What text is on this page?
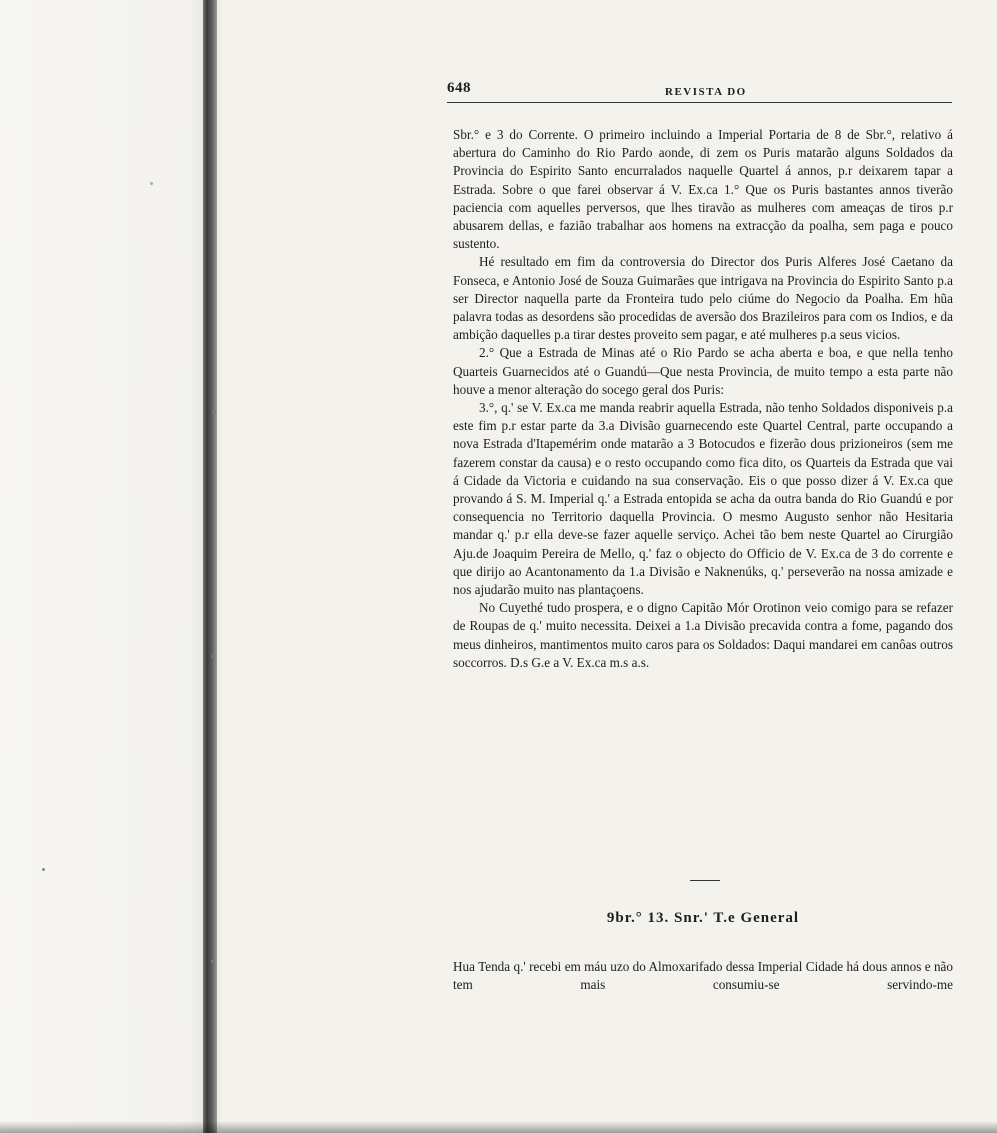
648	REVISTA DO

Sbr.° e 3 do Corrente. O primeiro incluindo a Imperial Portaria de 8 de Sbr.°, relativo á abertura do Caminho do Rio Pardo aonde, di zem os Puris matarão alguns Soldados da Provincia do Espirito Santo encurralados naquelle Quartel á annos, p.r deixarem tapar a Estrada. Sobre o que farei observar á V. Ex.ca 1.° Que os Puris bastantes annos tiverão paciencia com aquelles perversos, que lhes tiravão as mulheres com ameaças de tiros p.r abusarem dellas, e fazião trabalhar aos homens na extracção da poalha, sem paga e pouco sustento.

Hé resultado em fim da controversia do Director dos Puris Alferes José Caetano da Fonseca, e Antonio José de Souza Guimarães que intrigava na Provincia do Espirito Santo p.a ser Director naquella parte da Fronteira tudo pelo ciúme do Negocio da Poalha. Em hũa palavra todas as desordens são procedidas de aversão dos Brazileiros para com os Indios, e da ambição daquelles p.a tirar destes proveito sem pagar, e até mulheres p.a seus vicios.

2.° Que a Estrada de Minas até o Rio Pardo se acha aberta e boa, e que nella tenho Quarteis Guarnecidos até o Guandú—Que nesta Provincia, de muito tempo a esta parte não houve a menor alteração do socego geral dos Puris:

3.°, q.' se V. Ex.ca me manda reabrir aquella Estrada, não tenho Soldados disponiveis p.a este fim p.r estar parte da 3.a Divisão guarnecendo este Quartel Central, parte occupando a nova Estrada d'Itapemérim onde matarão a 3 Botocudos e fizerão dous prizioneiros (sem me fazerem constar da causa) e o resto occupando como fica dito, os Quarteis da Estrada que vai á Cidade da Victoria e cuidando na sua conservação. Eis o que posso dizer á V. Ex.ca que provando á S. M. Imperial q.' a Estrada entopida se acha da outra banda do Rio Guandú e por consequencia no Territorio daquella Provincia. O mesmo Augusto senhor não Hesitaria mandar q.' p.r ella deve-se fazer aquelle serviço. Achei tão bem neste Quartel ao Cirurgião Aju.de Joaquim Pereira de Mello, q.' faz o objecto do Officio de V. Ex.ca de 3 do corrente e que dirijo ao Acantonamento da 1.a Divisão e Naknenúks, q.' perseverão na nossa amizade e nos ajudarão muito nas plantaçoens.

No Cuyethé tudo prospera, e o digno Capitão Mór Orotinon veio comigo para se refazer de Roupas de q.' muito necessita. Deixei a 1.a Divisão precavida contra a fome, pagando dos meus dinheiros, mantimentos muito caros para os Soldados: Daqui mandarei em canôas outros soccorros. D.s G.e a V. Ex.ca m.s a.s.

9br.° 13. Snr.' T.e General

Hua Tenda q.' recebi em máu uzo do Almoxarifado dessa Imperial Cidade há dous annos e não tem mais consumiu-se servindo-me
